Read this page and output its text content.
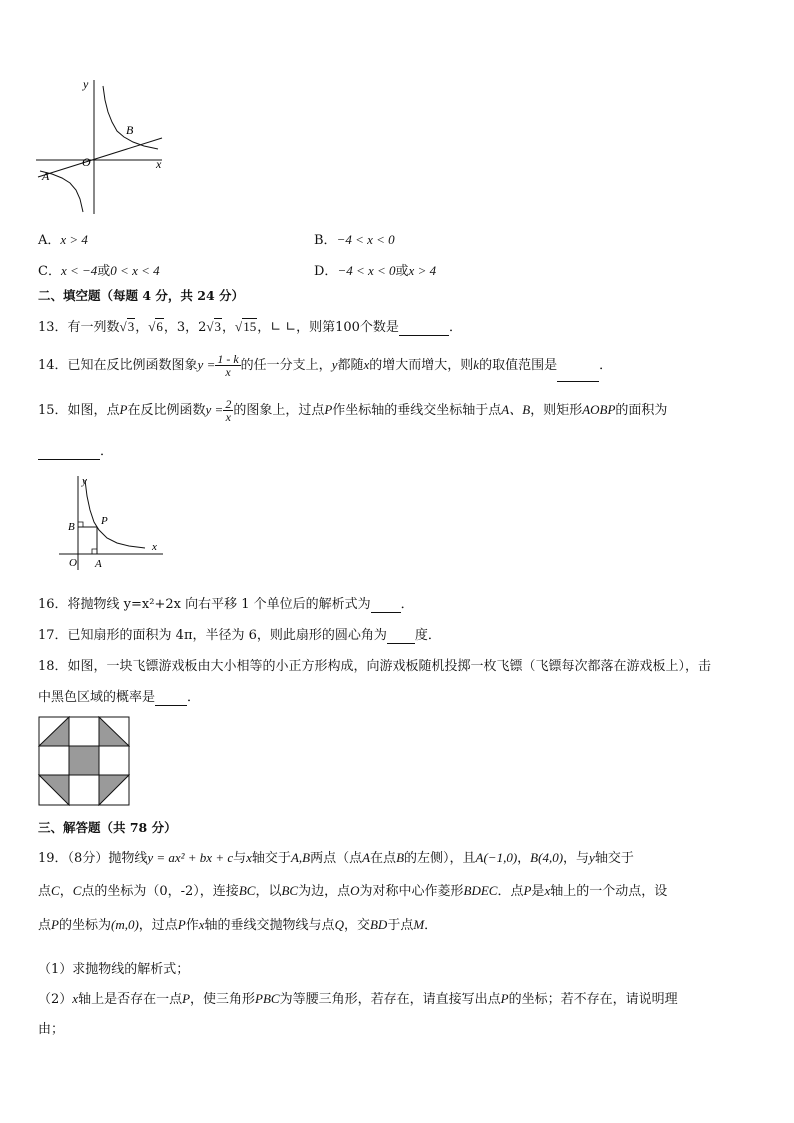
y
x
O
A
B
A．x > 4	B．−4 < x < 0
C．x < −4或0 < x < 4	D．−4 < x < 0或x > 4
二、填空题（每题 4 分，共 24 分）
13．有一列数√3，√6，3，2√3，√15，∟ ∟，则第100个数是	．
14．已知在反比例函数图象$y = \frac{1 - k}{x}$ 的任一分支上，y都随x的增大而增大，则k的取值范围是	．
15．如图，点P在反比例函数$y = \frac{2}{x}$ 的图象上，过点P作坐标轴的垂线交坐标轴于点A、B，则矩形AOBP的面积为
．
y
x
O A
B P
16．将抛物线 y=x²+2x 向右平移 1 个单位后的解析式为 ．
17．已知扇形的面积为 4π，半径为 6，则此扇形的圆心角为 度．
18．如图，一块飞镖游戏板由大小相等的小正方形构成，向游戏板随机投掷一枚飞镖（飞镖每次都落在游戏板上），击
中黑色区域的概率是 ．
三、解答题（共 78 分）
19．（8分）抛物线y = ax² + bx + c与x轴交于A,B两点（点A在点B的左侧），且A(−1,0)，B(4,0)，与y轴交于
点C，C点的坐标为（0，-2），连接BC，以BC为边，点O为对称中心作菱形BDEC．点P是x轴上的一个动点，设
点P的坐标为(m,0)，过点P作x轴的垂线交抛物线与点Q，交BD于点M．
（1）求抛物线的解析式；
（2）x轴上是否存在一点P，使三角形PBC为等腰三角形，若存在，请直接写出点P的坐标；若不存在，请说明理
由；
